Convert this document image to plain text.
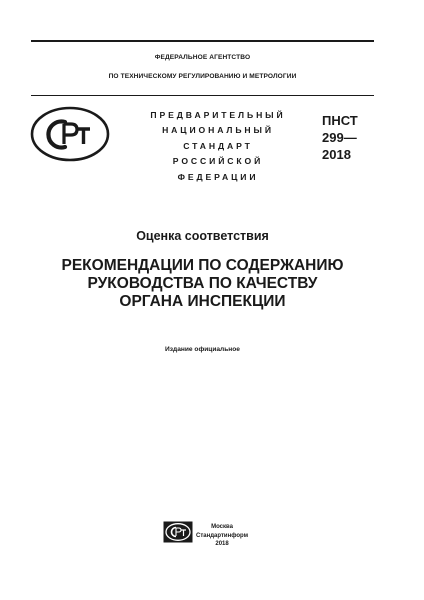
ФЕДЕРАЛЬНОЕ АГЕНТСТВО
ПО ТЕХНИЧЕСКОМУ РЕГУЛИРОВАНИЮ И МЕТРОЛОГИИ
ПРЕДВАРИТЕЛЬНЫЙ
НАЦИОНАЛЬНЫЙ
СТАНДАРТ
РОССИЙСКОЙ
ФЕДЕРАЦИИ
ПНСТ
299—
2018
Оценка соответствия
РЕКОМЕНДАЦИИ ПО СОДЕРЖАНИЮ
РУКОВОДСТВА ПО КАЧЕСТВУ
ОРГАНА ИНСПЕКЦИИ
Издание официальное
Москва
Стандартинформ
2018
